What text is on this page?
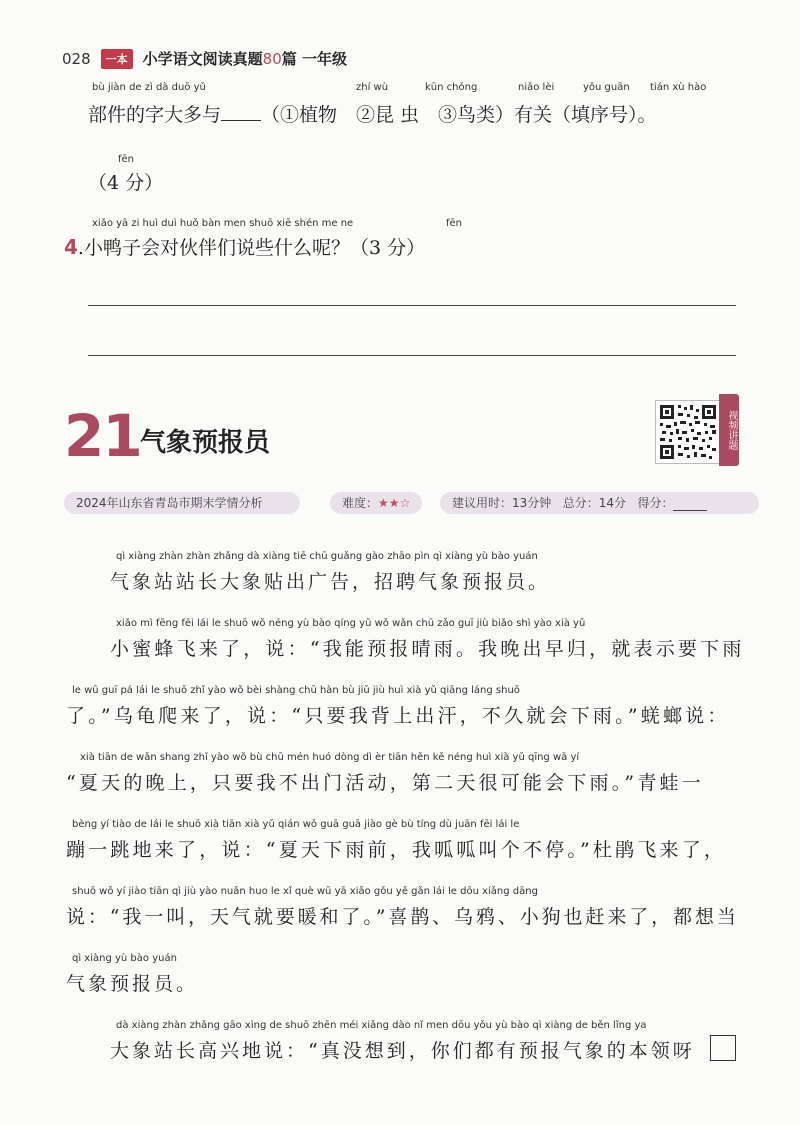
028	一本	小学语文阅读真题80篇 一年级
bù jiàn de zì dà duō yǔ	zhí wù	kūn chóng	niǎo lèi	yǒu guān tián xù hào
部件的字大多与 （①植物　②昆 虫　③鸟类）有关（填序号）。
fēn
（4 分）
xiǎo yā zi huì duì huǒ bàn men shuō xiē shén me ne	fēn
4.小鸭子会对伙伴们说些什么呢？（3 分）
21 气象预报员	视频讲题
2024年山东省青岛市期末学情分析	难度：★★☆	建议用时：13分钟 总分：14分 得分：
qì xiàng zhàn zhàn zhǎng dà xiàng tiē chū guǎng gào zhāo pìn qì xiàng yù bào yuán
气象站站长大象贴出广告，招聘气象预报员。
xiǎo mì fēng fēi lái le shuō wǒ néng yù bào qíng yǔ wǒ wǎn chū zǎo guī jiù biǎo shì yào xià yǔ
小蜜蜂飞来了，说：“我能预报晴雨。我晚出早归，就表示要下雨
le wū guī pá lái le shuō zhǐ yào wǒ bèi shàng chū hàn bù jiǔ jiù huì xià yǔ qiāng láng shuō
了。”乌龟爬来了，说：“只要我背上出汗，不久就会下雨。”蜣螂说：
xià tiān de wǎn shang zhǐ yào wǒ bù chū mén huó dòng dì èr tiān hěn kě néng huì xià yǔ qīng wā yí
“夏天的晚上，只要我不出门活动，第二天很可能会下雨。”青蛙一
bèng yí tiào de lái le shuō xià tiān xià yǔ qián wǒ guā guā jiào gè bù tíng dù juān fēi lái le
蹦一跳地来了，说：“夏天下雨前，我呱呱叫个不停。”杜鹃飞来了，
shuō wǒ yí jiào tiān qì jiù yào nuǎn huo le xǐ què wū yā xiǎo gǒu yě gǎn lái le dōu xiǎng dāng
说：“我一叫，天气就要暖和了。”喜鹊、乌鸦、小狗也赶来了，都想当
qì xiàng yù bào yuán
气象预报员。
dà xiàng zhàn zhǎng gāo xìng de shuō zhēn méi xiǎng dào nǐ men dōu yǒu yù bào qì xiàng de běn lǐng ya
大象站长高兴地说：“真没想到，你们都有预报气象的本领呀
